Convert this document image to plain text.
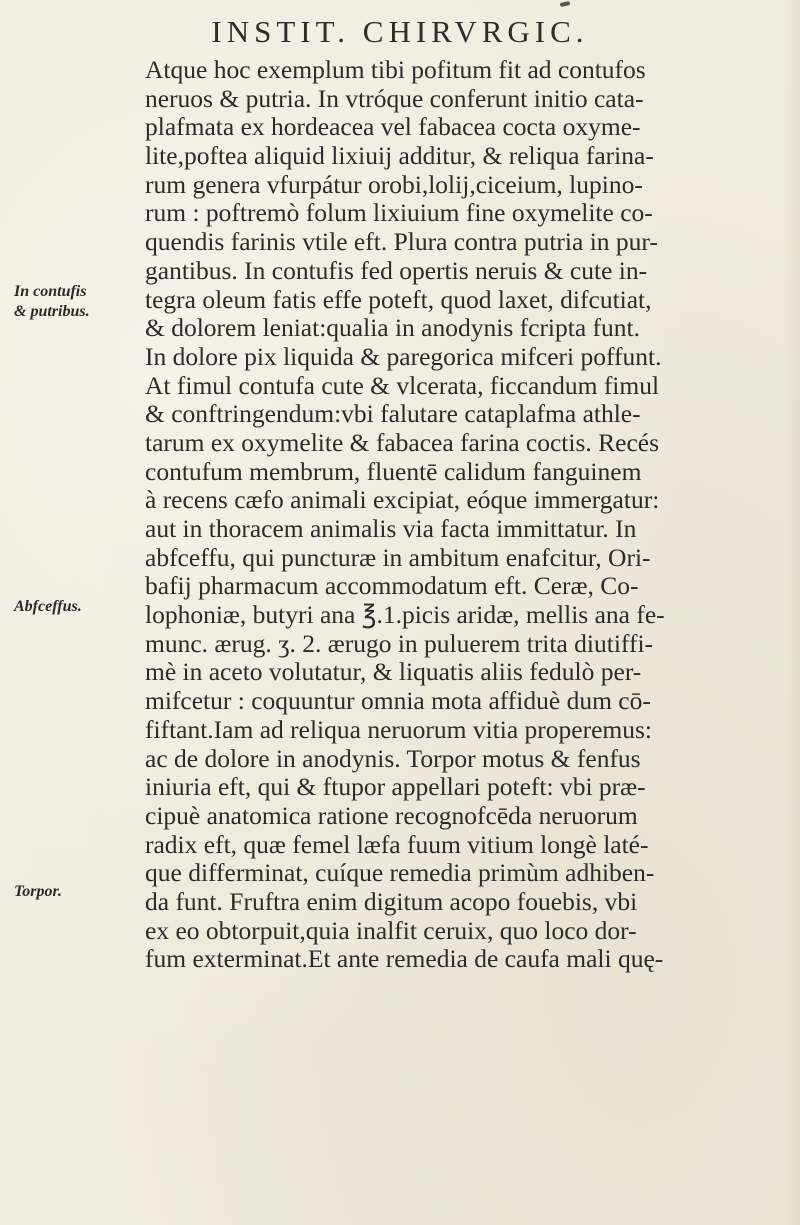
INSTIT. CHIRVRGIC.
Atque hoc exemplum tibi pofitum fit ad contufos
neruos & putria. In vtróque conferunt initio cata-
plafmata ex hordeacea vel fabacea cocta oxyme-
lite,poftea aliquid lixiuij additur, & reliqua farina-
rum genera vfurpátur orobi,lolij,ciceium, lupino-
rum : poftremò folum lixiuium fine oxymelite co-
quendis farinis vtile eft. Plura contra putria in pur-
gantibus. In contufis fed opertis neruis & cute in-
tegra oleum fatis effe poteft, quod laxet, difcutiat,
& dolorem leniat:qualia in anodynis fcripta funt.
In dolore pix liquida & paregorica mifceri poffunt.
At fimul contufa cute & vlcerata, ficcandum fimul
& conftringendum:vbi falutare cataplafma athle-
tarum ex oxymelite & fabacea farina coctis. Recés
contufum membrum, fluentē calidum fanguinem
à recens cæfo animali excipiat, eóque immergatur:
aut in thoracem animalis via facta immittatur. In
abfceffu, qui puncturæ in ambitum enafcitur, Ori-
bafij pharmacum accommodatum eft. Ceræ, Co-
lophoniæ, butyri ana ℥.1.picis aridæ, mellis ana fe-
munc. ærug. ʒ. 2. ærugo in puluerem trita diutiffi-
mè in aceto volutatur, & liquatis aliis fedulò per-
mifcetur : coquuntur omnia mota affiduè dum cō-
fiftant.Iam ad reliqua neruorum vitia properemus:
ac de dolore in anodynis. Torpor motus & fenfus
iniuria eft, qui & ftupor appellari poteft: vbi præ-
cipuè anatomica ratione recognofcēda neruorum
radix eft, quæ femel læfa fuum vitium longè laté-
que differminat, cuíque remedia primùm adhiben-
da funt. Fruftra enim digitum acopo fouebis, vbi
ex eo obtorpuit,quia inalfit ceruix, quo loco dor-
fum exterminat.Et ante remedia de caufa mali quę-
In contufis
& putribus.
Abfceffus.
Torpor.
